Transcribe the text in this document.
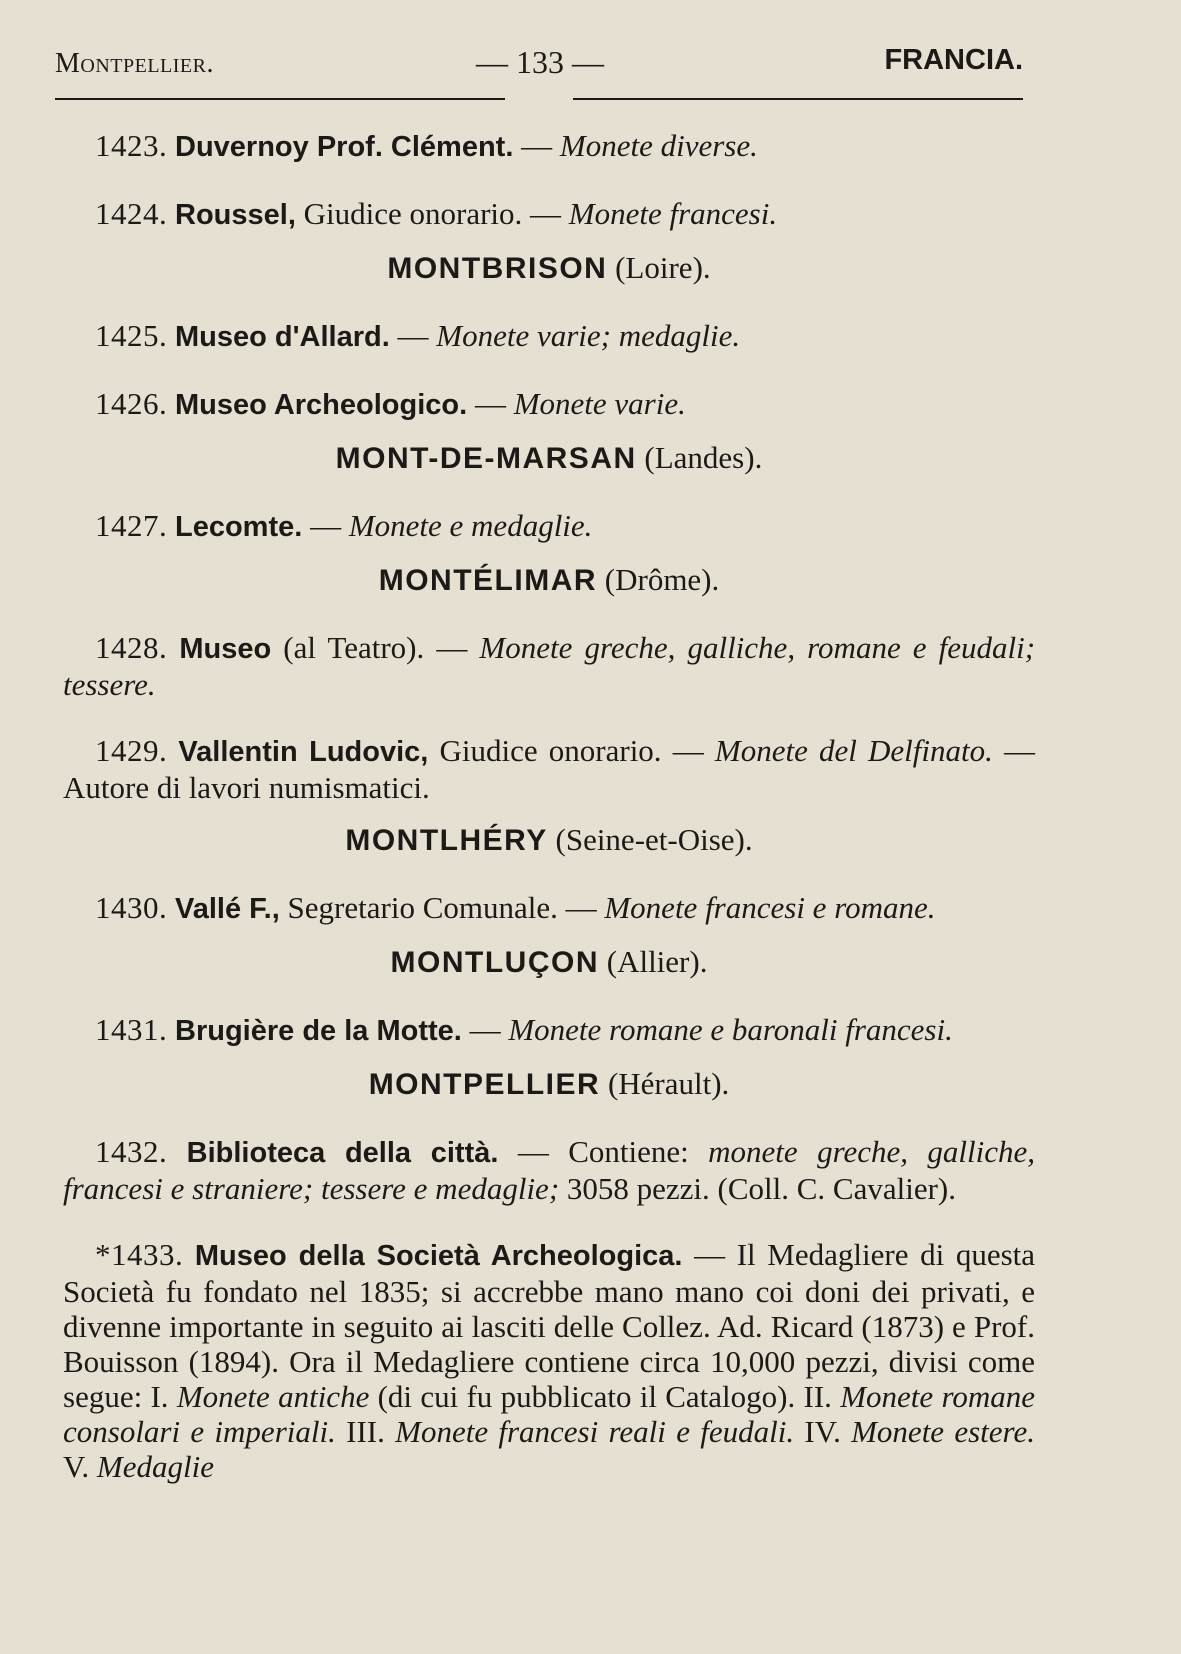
Montpellier.	— 133 —	FRANCIA.

1423. Duvernoy Prof. Clément. — Monete diverse.

1424. Roussel, Giudice onorario. — Monete francesi.

MONTBRISON (Loire).

1425. Museo d'Allard. — Monete varie; medaglie.

1426. Museo Archeologico. — Monete varie.

MONT-DE-MARSAN (Landes).

1427. Lecomte. — Monete e medaglie.

MONTÉLIMAR (Drôme).

1428. Museo (al Teatro). — Monete greche, galliche, romane e feudali; tessere.

1429. Vallentin Ludovic, Giudice onorario. — Monete del Delfinato. — Autore di lavori numismatici.

MONTLHÉRY (Seine-et-Oise).

1430. Vallé F., Segretario Comunale. — Monete francesi e romane.

MONTLUÇON (Allier).

1431. Brugière de la Motte. — Monete romane e baronali francesi.

MONTPELLIER (Hérault).

1432. Biblioteca della città. — Contiene: monete greche, galliche, francesi e straniere; tessere e medaglie; 3058 pezzi. (Coll. C. Cavalier).

*1433. Museo della Società Archeologica. — Il Medagliere di questa Società fu fondato nel 1835; si accrebbe mano mano coi doni dei privati, e divenne importante in seguito ai lasciti delle Collez. Ad. Ricard (1873) e Prof. Bouisson (1894). Ora il Medagliere contiene circa 10,000 pezzi, divisi come segue: I. Monete antiche (di cui fu pubblicato il Catalogo). II. Monete romane consolari e imperiali. III. Monete francesi reali e feudali. IV. Monete estere. V. Medaglie
